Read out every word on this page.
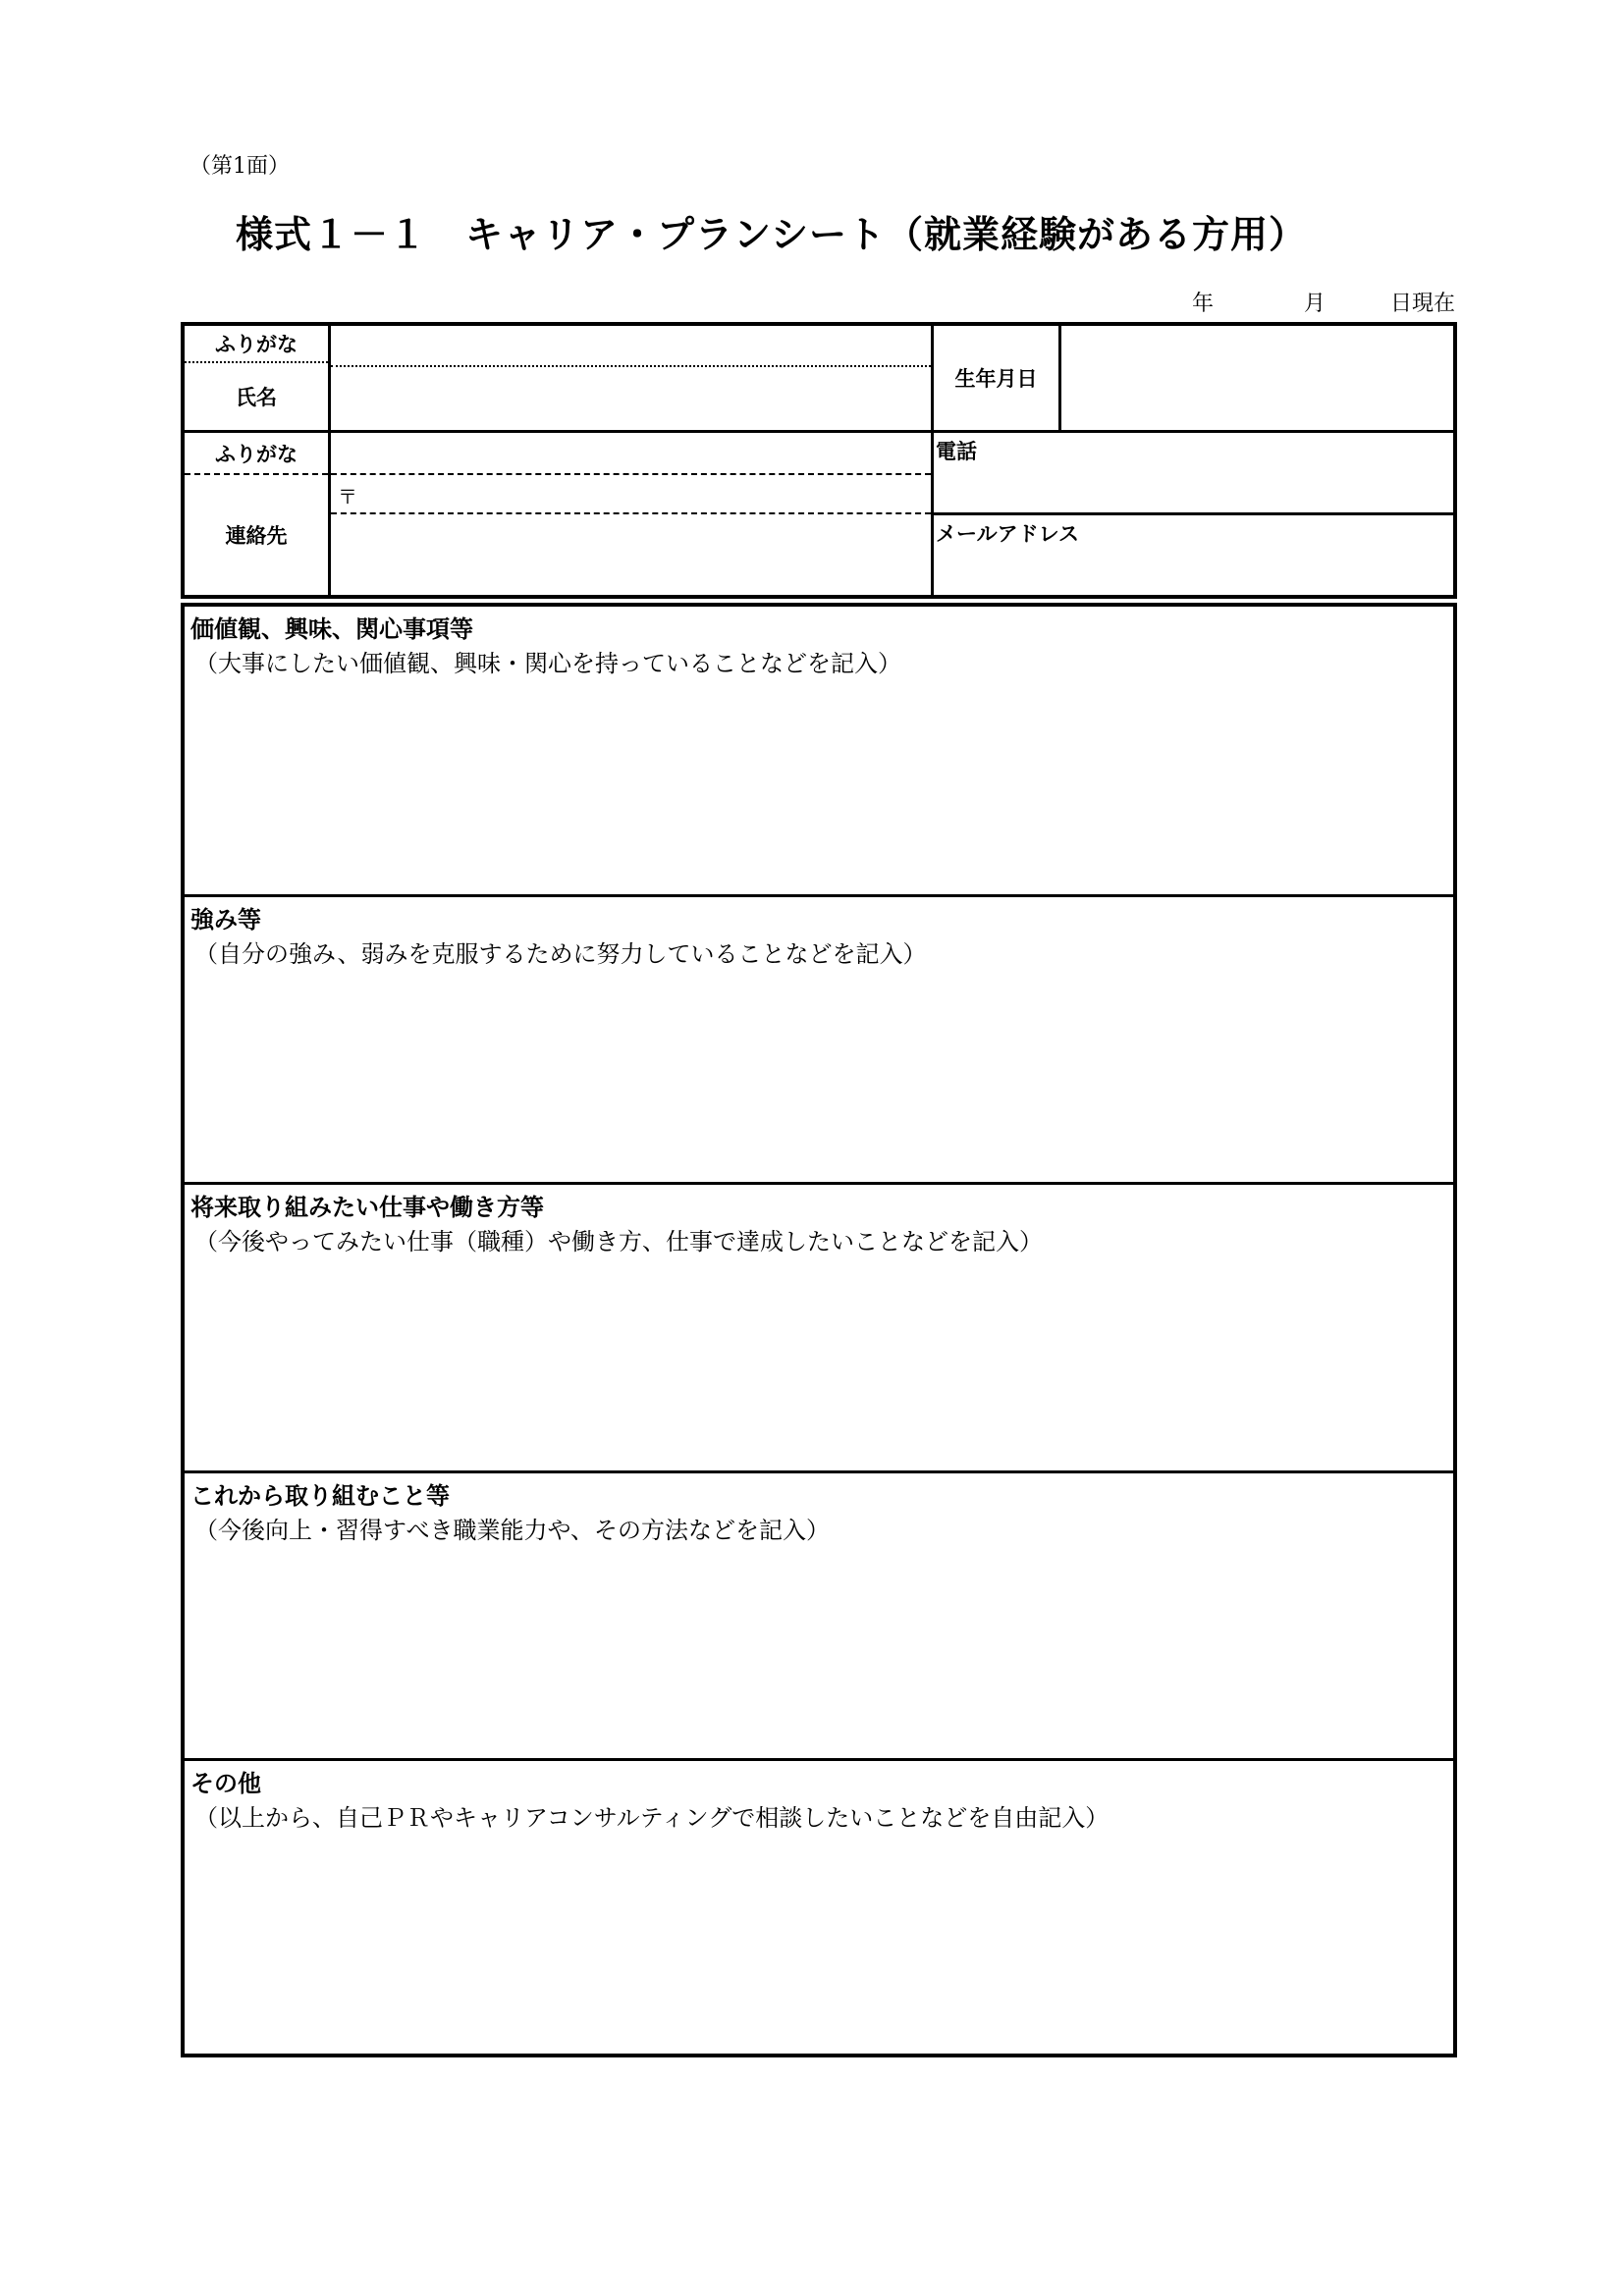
（第1面）
様式１－１　キャリア・プランシート（就業経験がある方用）
年	月	日現在
ふりがな
氏名
生年月日
ふりがな
連絡先
〒
電話
メールアドレス
価値観、興味、関心事項等
（大事にしたい価値観、興味・関心を持っていることなどを記入）
強み等
（自分の強み、弱みを克服するために努力していることなどを記入）
将来取り組みたい仕事や働き方等
（今後やってみたい仕事（職種）や働き方、仕事で達成したいことなどを記入）
これから取り組むこと等
（今後向上・習得すべき職業能力や、その方法などを記入）
その他
（以上から、自己ＰＲやキャリアコンサルティングで相談したいことなどを自由記入）
